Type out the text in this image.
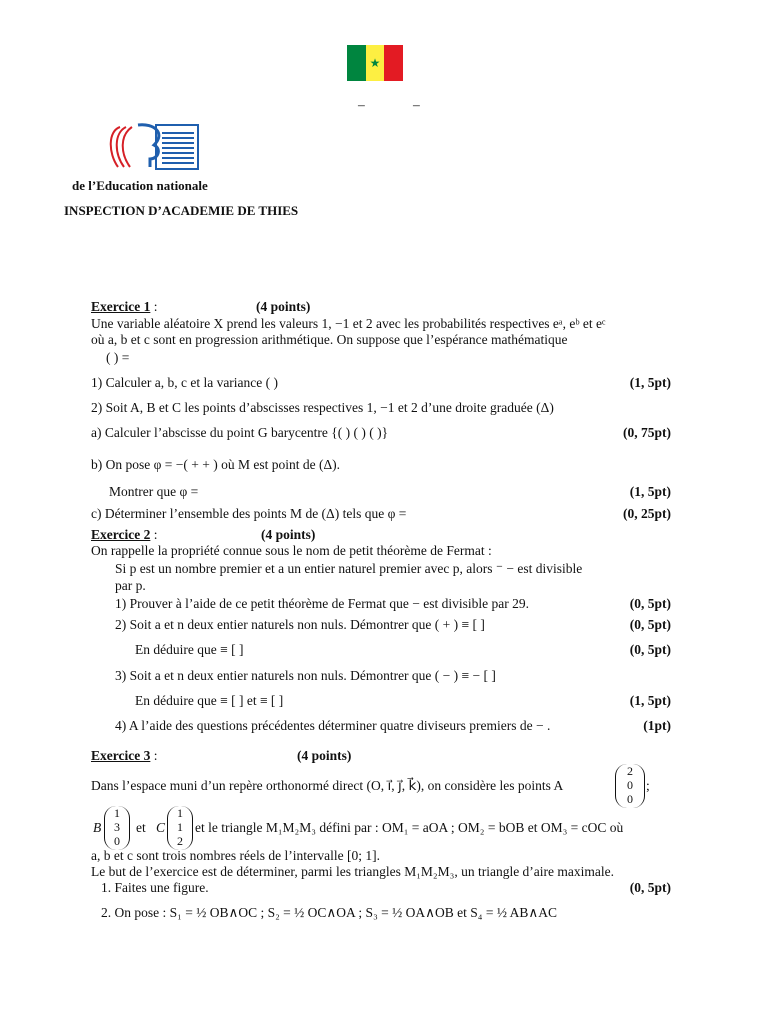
★
–	–
de l’Education nationale
INSPECTION D’ACADEMIE DE THIES
Exercice 1 :	(4 points)
Une variable aléatoire X prend les valeurs 1, −1 et 2 avec les probabilités respectives eᵃ, eᵇ et eᶜ
où a, b et c sont en progression arithmétique. On suppose que l’espérance mathématique
( ) =
1) Calculer a, b, c et la variance ( )	(1, 5pt)
2) Soit A, B et C les points d’abscisses respectives 1, −1 et 2 d’une droite graduée (Δ)
a) Calculer l’abscisse du point G barycentre {( ) ( ) ( )}	(0, 75pt)
b) On pose φ = −( + + ) où M est point de (Δ).
Montrer que φ =	(1, 5pt)
c) Déterminer l’ensemble des points M de (Δ) tels que φ =	(0, 25pt)
Exercice 2 :	(4 points)
On rappelle la propriété connue sous le nom de petit théorème de Fermat :
Si p est un nombre premier et a un entier naturel premier avec p, alors ⁻ − est divisible
par p.
1) Prouver à l’aide de ce petit théorème de Fermat que − est divisible par 29.	(0, 5pt)
2) Soit a et n deux entier naturels non nuls. Démontrer que ( + ) ≡ [ ]	(0, 5pt)
En déduire que ≡ [ ]	(0, 5pt)
3) Soit a et n deux entier naturels non nuls. Démontrer que ( − ) ≡ − [ ]
En déduire que ≡ [ ] et ≡ [ ]	(1, 5pt)
4) A l’aide des questions précédentes déterminer quatre diviseurs premiers de − .	(1pt)
Exercice 3 :	(4 points)
Dans l’espace muni d’un repère orthonormé direct (O, i⃗, j⃗, k⃗), on considère les points A	;
2
0
0
B
1
3
0
et C
1
1
2
et le triangle M₁M₂M₃ défini par : OM₁ = aOA ; OM₂ = bOB et OM₃ = cOC où
a, b et c sont trois nombres réels de l’intervalle [0; 1].
Le but de l’exercice est de déterminer, parmi les triangles M₁M₂M₃, un triangle d’aire maximale.
1. Faites une figure.	(0, 5pt)
2. On pose : S₁ = ½ OB∧OC ; S₂ = ½ OC∧OA ; S₃ = ½ OA∧OB et S₄ = ½ AB∧AC
